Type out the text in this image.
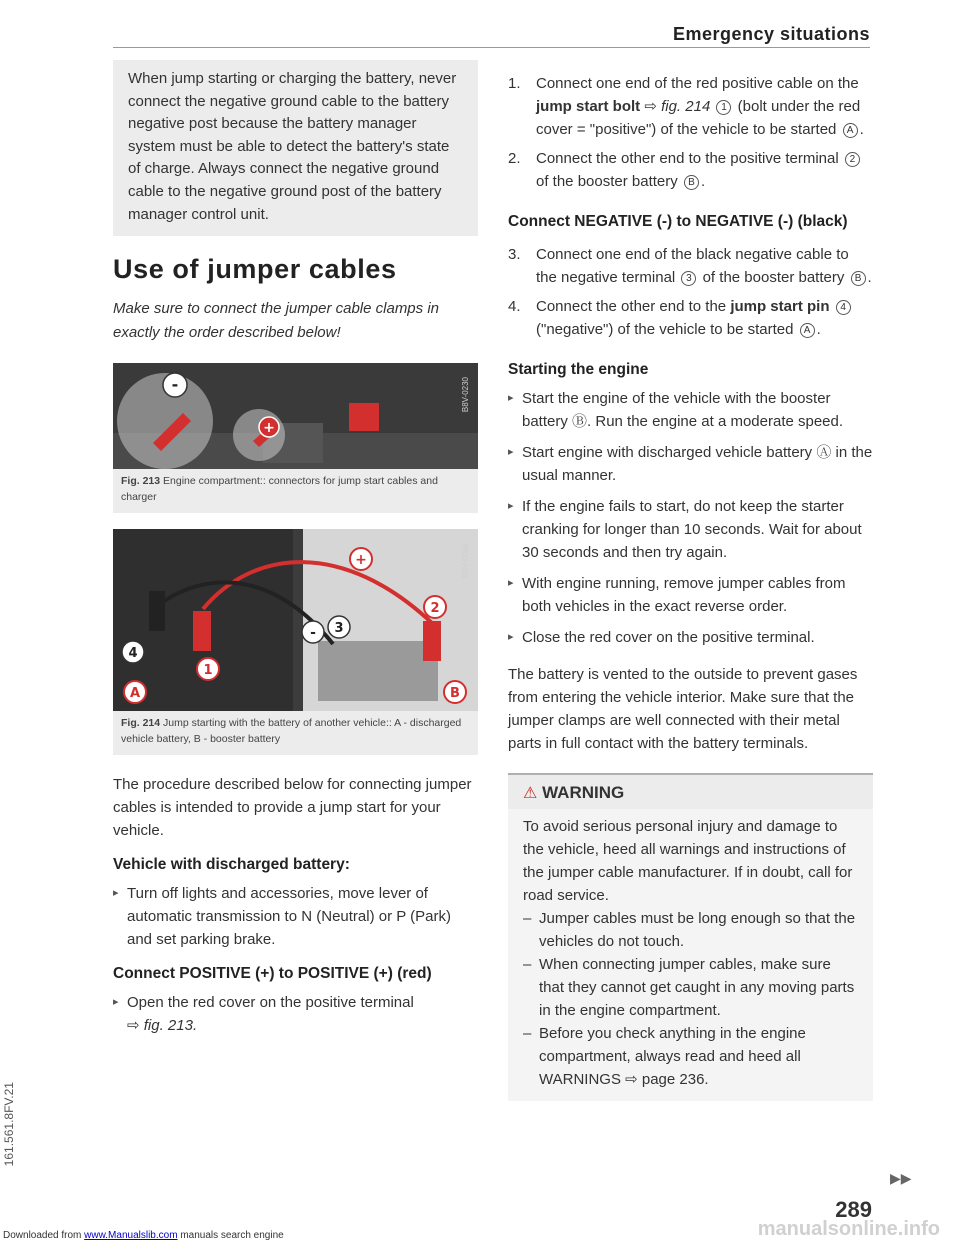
Emergency situations
When jump starting or charging the battery, never connect the negative ground cable to the battery negative post because the battery manager system must be able to detect the battery's state of charge. Always connect the negative ground cable to the negative ground post of the battery manager control unit.
Use of jumper cables

Make sure to connect the jumper cable clamps in exactly the order described below!

-
+
B8V-0230
Fig. 213 Engine compartment:: connectors for jump start cables and charger
+
2
- 3
4
1
A	B
B8V-0046
Fig. 214 Jump starting with the battery of another vehicle:: A - discharged vehicle battery, B - booster battery

The procedure described below for connecting jumper cables is intended to provide a jump start for your vehicle.

Vehicle with discharged battery:
▸ Turn off lights and accessories, move lever of automatic transmission to N (Neutral) or P (Park) and set parking brake.
Connect POSITIVE (+) to POSITIVE (+) (red)
▸ Open the red cover on the positive terminal
⇨ fig. 213.
1. Connect one end of the red positive cable on the jump start bolt ⇨ fig. 214 1 (bolt under the red cover = "positive") of the vehicle to be started A .
2. Connect the other end to the positive terminal 2 of the booster battery B .
Connect NEGATIVE (-) to NEGATIVE (-) (black)
3. Connect one end of the black negative cable to the negative terminal 3 of the booster battery B .
4. Connect the other end to the jump start pin 4 ("negative") of the vehicle to be started A .
Starting the engine
▸ Start the engine of the vehicle with the booster battery Ⓑ. Run the engine at a moderate speed.
▸ Start engine with discharged vehicle battery Ⓐ in the usual manner.
▸ If the engine fails to start, do not keep the starter cranking for longer than 10 seconds. Wait for about 30 seconds and then try again.
▸ With engine running, remove jumper cables from both vehicles in the exact reverse order.
▸ Close the red cover on the positive terminal.

The battery is vented to the outside to prevent gases from entering the vehicle interior. Make sure that the jumper clamps are well connected with their metal parts in full contact with the battery terminals.

⚠ WARNING

To avoid serious personal injury and damage to the vehicle, heed all warnings and instructions of the jumper cable manufacturer. If in doubt, call for road service.

– Jumper cables must be long enough so that the vehicles do not touch.

– When connecting jumper cables, make sure that they cannot get caught in any moving parts in the engine compartment.

– Before you check anything in the engine compartment, always read and heed all WARNINGS ⇨ page 236.

▶▶
289
161.561.8FV.21
Downloaded from www.Manualslib.com manuals search engine	manualsonline.info
